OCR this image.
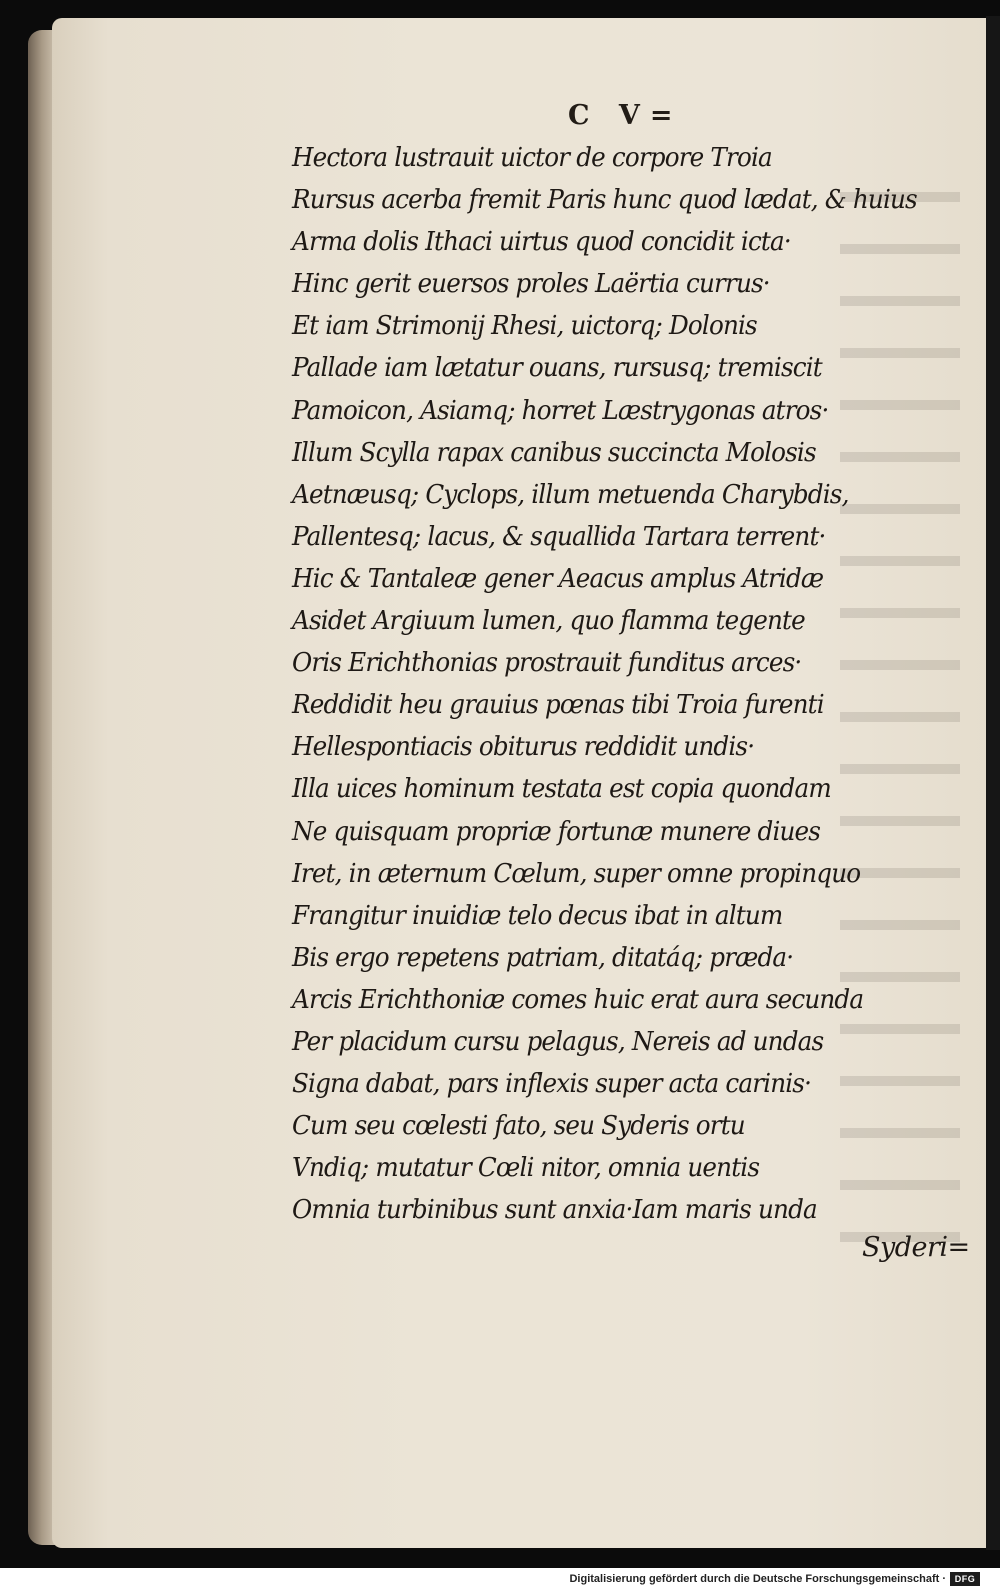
C V=
Hectora lustrauit uictor de corpore Troia
Rursus acerba fremit Paris hunc quod lædat, & huius
Arma dolis Ithaci uirtus quod concidit icta·
Hinc gerit euersos proles Laërtia currus·
Et iam Strimonij Rhesi, uictorq; Dolonis
Pallade iam lætatur ouans, rursusq; tremiscit
Pamoicon, Asiamq; horret Læstrygonas atros·
Illum Scylla rapax canibus succincta Molosis
Aetnæusq; Cyclops, illum metuenda Charybdis,
Pallentesq; lacus, & squallida Tartara terrent·
Hic & Tantaleæ gener Aeacus amplus Atridæ
Asidet Argiuum lumen, quo flamma tegente
Oris Erichthonias prostrauit funditus arces·
Reddidit heu grauius pœnas tibi Troia furenti
Hellespontiacis obiturus reddidit undis·
Illa uices hominum testata est copia quondam
Ne quisquam propriæ fortunæ munere diues
Iret, in æternum Cœlum, super omne propinquo
Frangitur inuidiæ telo decus ibat in altum
Bis ergo repetens patriam, ditatáq; præda·
Arcis Erichthoniæ comes huic erat aura secunda
Per placidum cursu pelagus, Nereis ad undas
Signa dabat, pars inflexis super acta carinis·
Cum seu cœlesti fato, seu Syderis ortu
Vndiq; mutatur Cœli nitor, omnia uentis
Omnia turbinibus sunt anxia·Iam maris unda
Syderi=
Digitalisierung gefördert durch die Deutsche Forschungsgemeinschaft · DFG
